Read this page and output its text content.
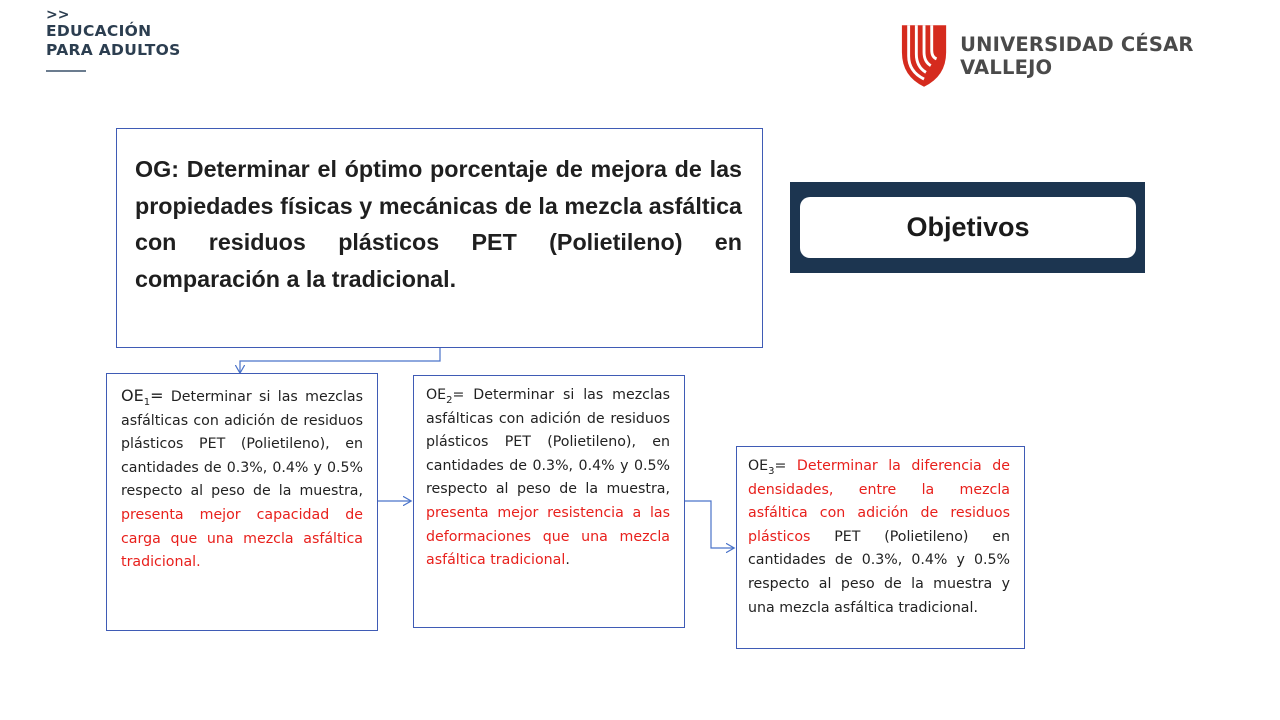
>>
EDUCACIÓN
PARA ADULTOS	UNIVERSIDAD CÉSAR VALLEJO
OG: Determinar el óptimo porcentaje de mejora de las propiedades físicas y mecánicas de la mezcla asfáltica con residuos plásticos PET (Polietileno) en comparación a la tradicional.
Objetivos
$OE_1=$ Determinar si las mezclas asfálticas con adición de residuos plásticos PET (Polietileno), en cantidades de 0.3%, 0.4% y 0.5% respecto al peso de la muestra, presenta mejor capacidad de carga que una mezcla asfáltica tradicional.
$OE_2=$ Determinar si las mezclas asfálticas con adición de residuos plásticos PET (Polietileno), en cantidades de 0.3%, 0.4% y 0.5% respecto al peso de la muestra, presenta mejor resistencia a las deformaciones que una mezcla asfáltica tradicional.
$OE_3=$ Determinar la diferencia de densidades, entre la mezcla asfáltica con adición de residuos plásticos PET (Polietileno) en cantidades de 0.3%, 0.4% y 0.5% respecto al peso de la muestra y una mezcla asfáltica tradicional.
